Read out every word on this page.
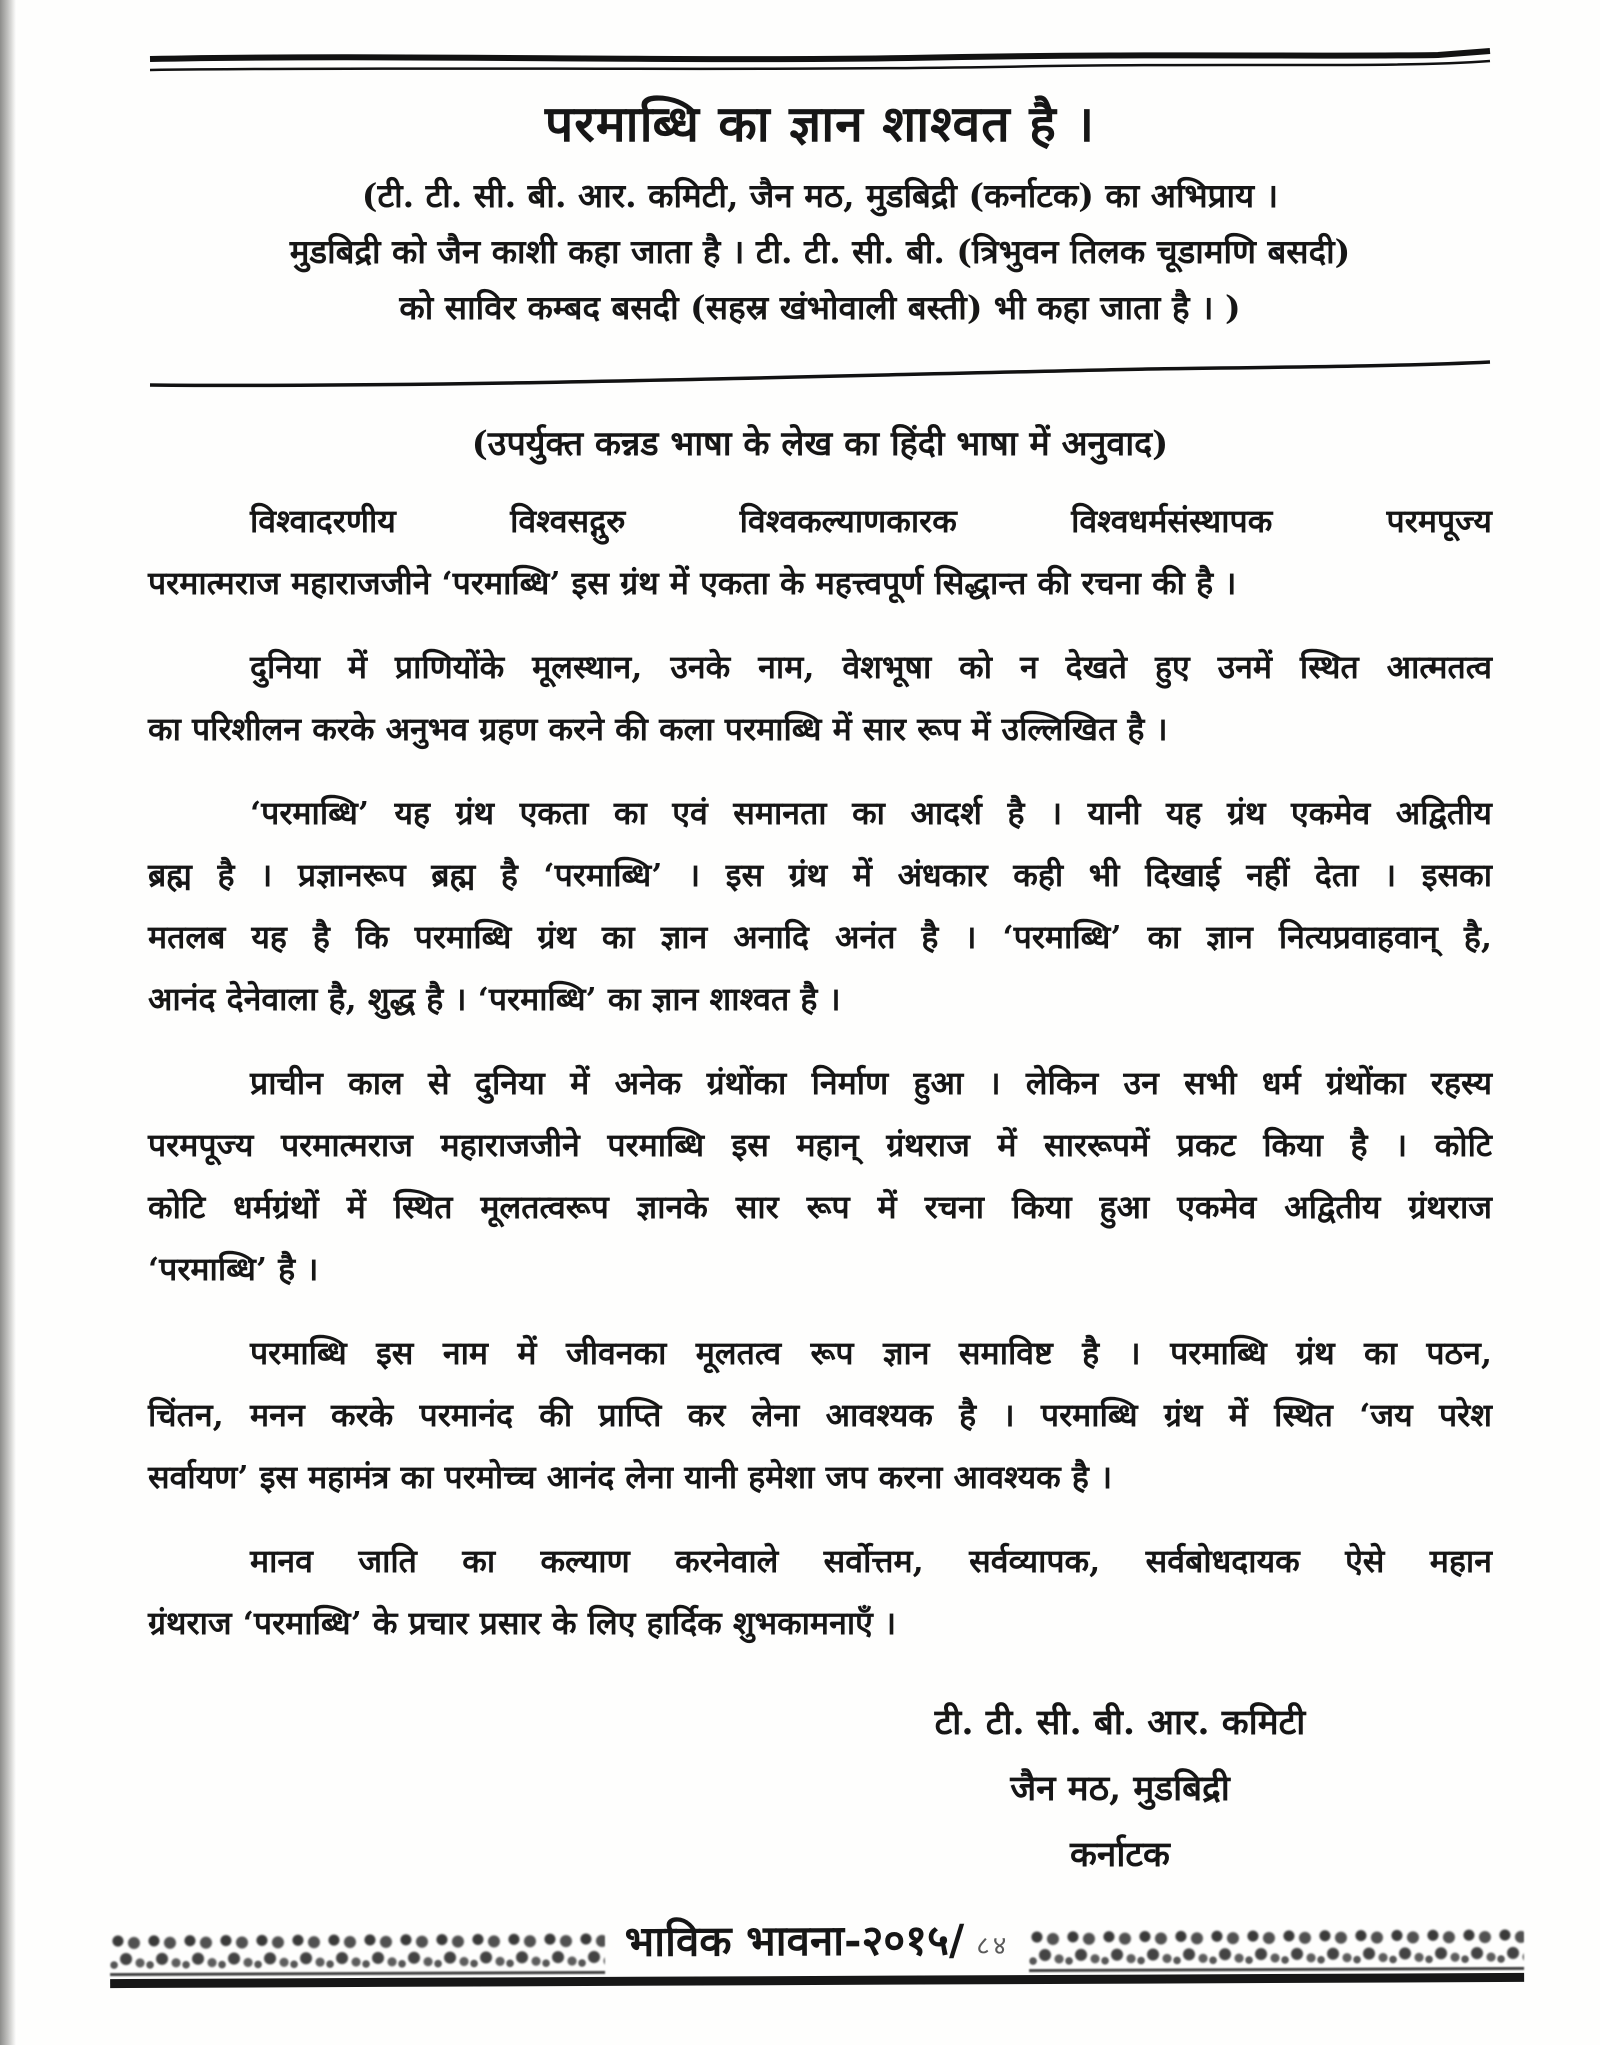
परमाब्धि का ज्ञान शाश्वत है ।
(टी. टी. सी. बी. आर. कमिटी, जैन मठ, मुडबिद्री (कर्नाटक) का अभिप्राय ।
मुडबिद्री को जैन काशी कहा जाता है । टी. टी. सी. बी. (त्रिभुवन तिलक चूडामणि बसदी)
को साविर कम्बद बसदी (सहस्र खंभोवाली बस्ती) भी कहा जाता है । )
(उपर्युक्त कन्नड भाषा के लेख का हिंदी भाषा में अनुवाद)
विश्वादरणीय विश्वसद्गुरु विश्वकल्याणकारक विश्वधर्मसंस्थापक परमपूज्य
परमात्मराज महाराजजीने ‘परमाब्धि’ इस ग्रंथ में एकता के महत्त्वपूर्ण सिद्धान्त की रचना की है ।
दुनिया में प्राणियोंके मूलस्थान, उनके नाम, वेशभूषा को न देखते हुए उनमें स्थित आत्मतत्व
का परिशीलन करके अनुभव ग्रहण करने की कला परमाब्धि में सार रूप में उल्लिखित है ।
‘परमाब्धि’ यह ग्रंथ एकता का एवं समानता का आदर्श है । यानी यह ग्रंथ एकमेव अद्वितीय
ब्रह्म है । प्रज्ञानरूप ब्रह्म है ‘परमाब्धि’ । इस ग्रंथ में अंधकार कही भी दिखाई नहीं देता । इसका
मतलब यह है कि परमाब्धि ग्रंथ का ज्ञान अनादि अनंत है । ‘परमाब्धि’ का ज्ञान नित्यप्रवाहवान् है,
आनंद देनेवाला है, शुद्ध है । ‘परमाब्धि’ का ज्ञान शाश्वत है ।
प्राचीन काल से दुनिया में अनेक ग्रंथोंका निर्माण हुआ । लेकिन उन सभी धर्म ग्रंथोंका रहस्य
परमपूज्य परमात्मराज महाराजजीने परमाब्धि इस महान् ग्रंथराज में साररूपमें प्रकट किया है । कोटि
कोटि धर्मग्रंथों में स्थित मूलतत्वरूप ज्ञानके सार रूप में रचना किया हुआ एकमेव अद्वितीय ग्रंथराज
‘परमाब्धि’ है ।
परमाब्धि इस नाम में जीवनका मूलतत्व रूप ज्ञान समाविष्ट है । परमाब्धि ग्रंथ का पठन,
चिंतन, मनन करके परमानंद की प्राप्ति कर लेना आवश्यक है । परमाब्धि ग्रंथ में स्थित ‘जय परेश
सर्वायण’ इस महामंत्र का परमोच्च आनंद लेना यानी हमेशा जप करना आवश्यक है ।
मानव जाति का कल्याण करनेवाले सर्वोत्तम, सर्वव्यापक, सर्वबोधदायक ऐसे महान
ग्रंथराज ‘परमाब्धि’ के प्रचार प्रसार के लिए हार्दिक शुभकामनाएँ ।
टी. टी. सी. बी. आर. कमिटी
जैन मठ, मुडबिद्री
कर्नाटक
भाविक भावना-२०१५/ ८४
